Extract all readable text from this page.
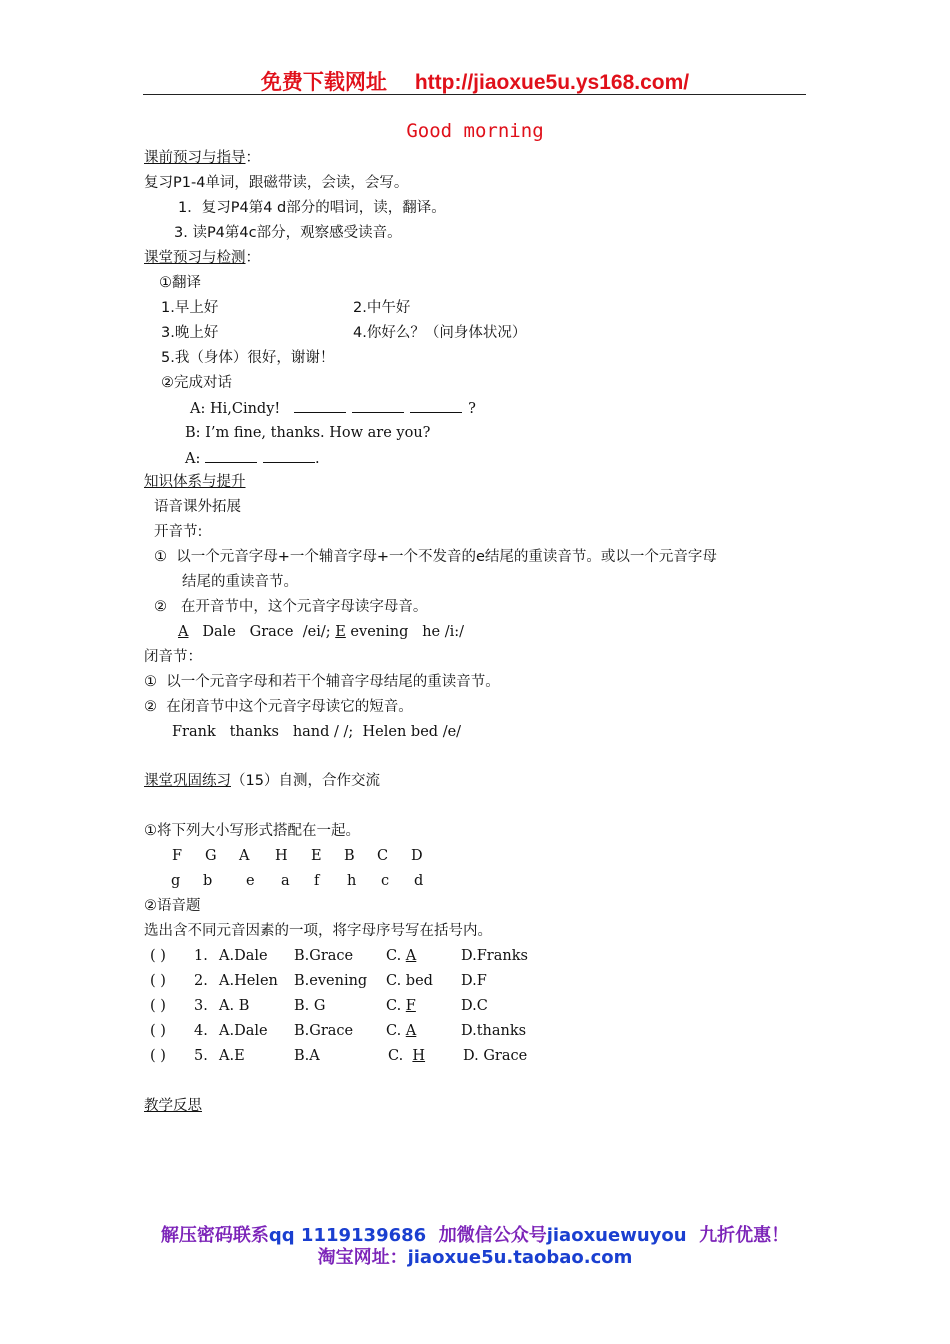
免费下载网址 http://jiaoxue5u.ys168.com/
Good morning
课前预习与指导：
复习P1-4单词，跟磁带读，会读，会写。
1．复习P4第4 d部分的唱词，读，翻译。
3. 读P4第4c部分，观察感受读音。
课堂预习与检测：
①翻译
1.早上好	2.中午好
3.晚上好	4.你好么？（问身体状况）
5.我（身体）很好，谢谢！
②完成对话
A: Hi,Cindy!	?
B: I’m fine, thanks. How are you?
A:	.
知识体系与提升
语音课外拓展
开音节:
① 以一个元音字母+一个辅音字母+一个不发音的e结尾的重读音节。或以一个元音字母
结尾的重读音节。
② 在开音节中，这个元音字母读字母音。
A Dale Grace /ei/; E evening he /i:/
闭音节：
① 以一个元音字母和若干个辅音字母结尾的重读音节。
② 在闭音节中这个元音字母读它的短音。
Frank thanks hand / /; Helen bed /e/
课堂巩固练习（15）自测，合作交流
①将下列大小写形式搭配在一起。
F G A H E B C D
g b e a f h c d
②语音题
选出含不同元音因素的一项，将字母序号写在括号内。
( ) 1. A.Dale B.Grace C. A	D.Franks
( ) 2. A.Helen B.evening C. bed D.F
( ) 3. A. B	B. G	C. F	D.C
( ) 4. A.Dale B.Grace C. A	D.thanks
( ) 5. A.E	B.A	C. H	D. Grace
教学反思
解压密码联系qq 1119139686 加微信公众号jiaoxuewuyou 九折优惠！
淘宝网址：jiaoxue5u.taobao.com
